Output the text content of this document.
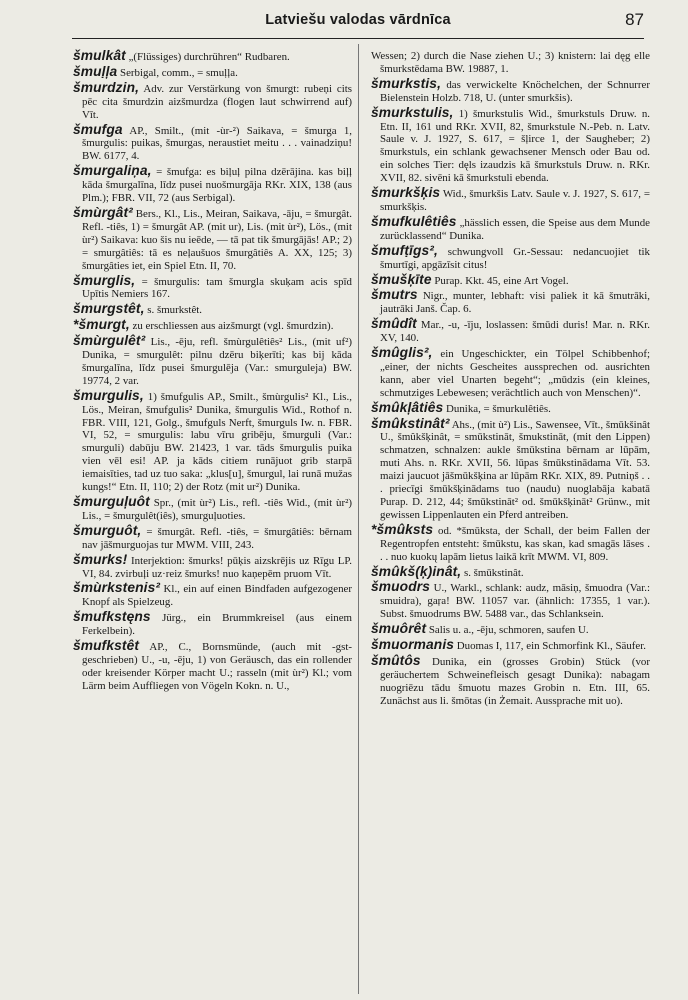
Latviešu valodas vārdnīca	87

šmulkât „(Flüssiges) durchrühren“ Rudbaren.

šmuḷļa Serbigal, comm., = smuḷļa.

šmurdzin, Adv. zur Verstärkung von šmurgt: rubeņi cits pēc cita šmurdzin aizšmurdza (flogen laut schwirrend auf) Vīt.

šmufga AP., Smilt., (mit -ùr-²) Saikava, = šmurga 1, šmurgulis: puikas, šmurgas, neraustiet meitu . . . vainadziņu! BW. 6177, 4.

šmurgaliņa, = šmufga: es biļuļ pilna dzērājina. kas biļļ kāda šmurgalīna, līdz pusei nuošmurgāja RKr. XIX, 138 (aus Plm.); FBR. VII, 72 (aus Serbigal).

šmùrgât² Bers., Kl., Lis., Meiran, Saikava, -āju, = šmurgât. Refl. -tiês, 1) = šmurgât AP. (mit ur), Lis. (mit ùr²), Lös., (mit ùr²) Saikava: kuo šis nu ieēde, — tā pat tik šmurgājās! AP.; 2) = smurgâtiês: tā es neļaušuos šmurgâtiês A. XX, 125; 3) šmurgâties iet, ein Spiel Etn. II, 70.

šmurglis, = šmurgulis: tam šmurgla skuḳam acis spīd Upītis Nemiers 167.

šmurgstêt, s. šmurkstêt.

*šmurgt, zu erschliessen aus aizšmurgt (vgl. šmurdzin).

šmùrgulêt² Lis., -ēju, refl. šmùrgulêtiês² Lis., (mit uf²) Dunika, = smurgulêt: pilnu dzēru biķerīti; kas bij kāda šmurgalīna, līdz pusei šmurgulēja (Var.: smurguleja) BW. 19774, 2 var.

šmurgulis, 1) šmufgulis AP., Smilt., šmùrgulis² Kl., Lis., Lös., Meiran, šmufgulis² Dunika, šmurgulis Wid., Rothof n. FBR. VIII, 121, Golg., šmufguls Nerft, šmurguls Iw. n. FBR. VI, 52, = smurgulis: labu vīru gribēju, šmurguli (Var.: smurguli) dabūju BW. 21423, 1 var. tāds šmurgulis puika vien vēl esi! AP. ja kāds citiem runājuot grib starpā iemaisīties, tad uz tuo saka: „klus[u], šmurgul, lai runā mužas kungs!“ Etn. II, 110; 2) der Rotz (mit ur²) Dunika.

šmurguļuôt Spr., (mit ùr²) Lis., refl. -tiês Wid., (mit ùr²) Lis., = šmurgulêt(iês), smurguļuoties.

šmurguôt, = šmurgât. Refl. -tiês, = šmurgâtiês: bērnam nav jāšmurguojas tur MWM. VIII, 243.

šmurks! Interjektion: šmurks! pūķis aizskrējis uz Rīgu LP. VI, 84. zvirbuļi uz·reiz šmurks! nuo kaņepēm pruom Vīt.

šmùrkstenis² Kl., ein auf einen Bindfaden aufgezogener Knopf als Spielzeug.

šmufkstęns Jürg., ein Brummkreisel (aus einem Ferkelbein).

šmufkstêt AP., C., Bornsmünde, (auch mit -gst- geschrieben) U., -u, -ēju, 1) von Geräusch, das ein rollender oder kreisender Körper macht U.; rasseln (mit ùr²) Kl.; vom Lärm beim Auffliegen von Vögeln Kokn. n. U.,

Wessen; 2) durch die Nase ziehen U.; 3) knistern: lai dęg elle šmurkstēdama BW. 19887, 1.

šmurkstis, das verwickelte Knöchelchen, der Schnurrer Bielenstein Holzb. 718, U. (unter smurkšis).

šmurkstulis, 1) šmurkstulis Wid., šmurkstuls Druw. n. Etn. II, 161 und RKr. XVII, 82, šmurkstule N.-Peb. n. Latv. Saule v. J. 1927, S. 617, = šļirce 1, der Saugheber; 2) šmurkstuls, ein schlank gewachsener Mensch oder Bau od. ein solches Tier: dęls izaudzis kā šmurkstuls Druw. n. RKr. XVII, 82. sivēni kā šmurkstuli ebenda.

šmurkšķis Wid., šmurkšis Latv. Saule v. J. 1927, S. 617, = smurkšķis.

šmufkulêtiês „hässlich essen, die Speise aus dem Munde zurücklassend“ Dunika.

šmufṭīgs², schwungvoll Gr.-Sessau: nedancuojiet tik šmurtīgi, apgāzīsit citus!

šmušķīte Purap. Kkt. 45, eine Art Vogel.

šmutrs Nigr., munter, lebhaft: visi paliek it kā šmutrāki, jautrāki Janš. Čap. 6.

šmûdît Mar., -u, -īju, loslassen: šmūdi duris! Mar. n. RKr. XV, 140.

šmûglis², ein Ungeschickter, ein Tölpel Schibbenhof; „einer, der nichts Gescheites aussprechen od. ausrichten kann, aber viel Unarten begeht“; „mūdzis (ein kleines, schmutziges Lebewesen; verächtlich auch von Menschen)“.

šmûkļâtiês Dunika, = šmurkulêtiês.

šmûkstinât² Ahs., (mit ù²) Lis., Sawensee, Vīt., šmūkšinât U., šmûkšķinât, = smūkstināt, šmukstināt, (mit den Lippen) schmatzen, schnalzen: aukle šmūkstina bērnam ar lūpām, muti Ahs. n. RKr. XVII, 56. lūpas šmūkstinādama Vīt. 53. maizi jaucuot jāšmūkšķina ar lūpām RKr. XIX, 89. Putniņš . . . priecīgi šmūkšķinādams tuo (naudu) nuoglabāja kabatā Purap. D. 212, 44; šmūkstināt² od. šmūkšķināt² Grünw., mit gewissen Lippenlauten ein Pferd antreiben.

*šmûksts od. *šmūksta, der Schall, der beim Fallen der Regentropfen entsteht: šmūkstu, kas skan, kad smagās lāses . . . nuo kuokų lapām lietus laikā krīt MWM. VI, 809.

šmûkš(ķ)inât, s. šmūkstinât.

šmuodrs U., Warkl., schlank: audz, māsiņ, šmuodra (Var.: smuidra), gaŗa! BW. 11057 var. (ähnlich: 17355, 1 var.). Subst. šmuodrums BW. 5488 var., das Schlanksein.

šmuôrêt Salis u. a., -ēju, schmoren, saufen U.

šmuormanis Duomas I, 117, ein Schmorfink Kl., Säufer.

šmûtôs Dunika, ein (grosses Grobin) Stück (vor geräuchertem Schweinefleisch gesagt Dunika): nabagam nuogriēzu tādu šmuotu mazes Grobin n. Etn. III, 65. Zunächst aus li. šmōtas (in Żemait. Aussprache mit uo).
